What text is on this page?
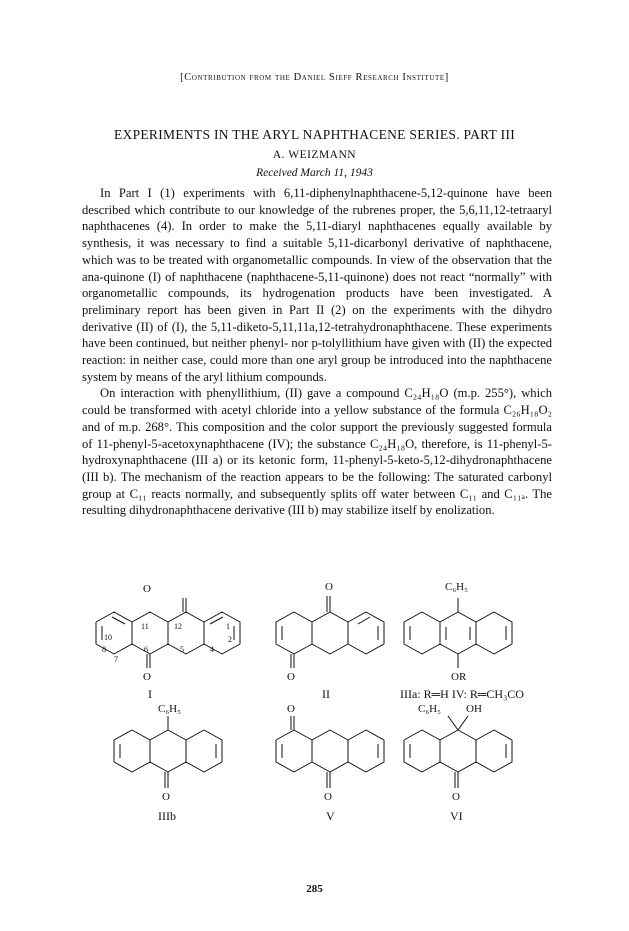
[Contribution from the Daniel Sieff Research Institute]
EXPERIMENTS IN THE ARYL NAPHTHACENE SERIES. PART III
A. WEIZMANN
Received March 11, 1943

In Part I (1) experiments with 6,11-diphenylnaphthacene-5,12-quinone have been described which contribute to our knowledge of the rubrenes proper, the 5,6,11,12-tetraaryl naphthacenes (4). In order to make the 5,11-diaryl naphthacenes equally available by synthesis, it was necessary to find a suitable 5,11-dicarbonyl derivative of naphthacene, which was to be treated with organometallic compounds. In view of the observation that the ana-quinone (I) of naphthacene (naphthacene-5,11-quinone) does not react “normally” with organometallic compounds, its hydrogenation products have been investigated. A preliminary report has been given in Part II (2) on the experiments with the dihydro derivative (II) of (I), the 5,11-diketo-5,11,11a,12-tetrahydronaphthacene. These experiments have been continued, but neither phenyl- nor p-tolyllithium have given with (II) the expected reaction: in neither case, could more than one aryl group be introduced into the naphthacene system by means of the aryl lithium compounds.

On interaction with phenyllithium, (II) gave a compound C₂₄H₁₈O (m.p. 255°), which could be transformed with acetyl chloride into a yellow substance of the formula C₂₆H₁₈O₂ and of m.p. 268°. This composition and the color support the previously suggested formula of 11-phenyl-5-acetoxynaphthacene (IV); the substance C₂₄H₁₈O, therefore, is 11-phenyl-5-hydroxynaphthacene (III a) or its ketonic form, 11-phenyl-5-keto-5,12-dihydronaphthacene (III b). The mechanism of the reaction appears to be the following: The saturated carbonyl group at C₁₁ reacts normally, and subsequently splits off water between C₁₁ and C₁₁ₐ. The resulting dihydronaphthacene derivative (III b) may stabilize itself by enolization.

O
O
O
O
C₆H₅
OR
10
11	12	1
2
8
7
6	5	4
I	II	IIIa: R═H IV: R═CH₃CO
C₆H₅
O
O
O
C₆H₅ OH
O
IIIb	V	VI
285
